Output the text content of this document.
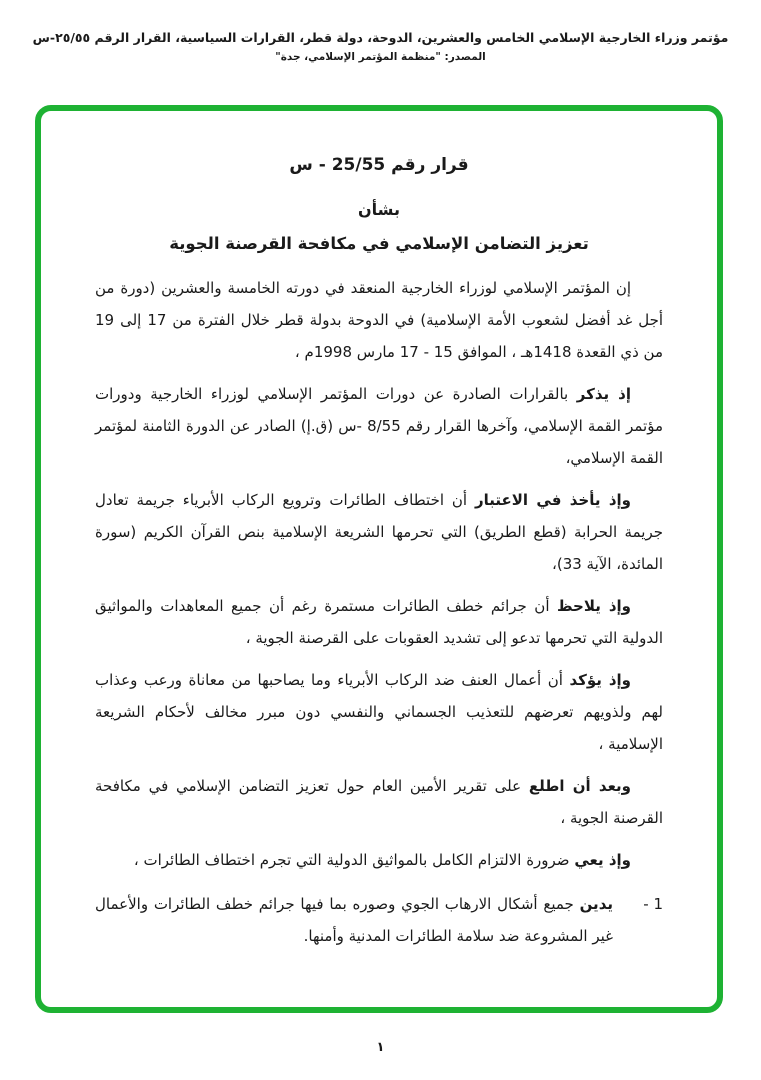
مؤتمر وزراء الخارجية الإسلامي الخامس والعشرين، الدوحة، دولة قطر، القرارات السياسية، القرار الرقم ٢٥/٥٥-س
المصدر: "منظمة المؤتمر الإسلامي، جدة"
قرار رقم 25/55 - س
بشأن
تعزيز التضامن الإسلامي في مكافحة القرصنة الجوية

إن المؤتمر الإسلامي لوزراء الخارجية المنعقد في دورته الخامسة والعشرين (دورة من أجل غد أفضل لشعوب الأمة الإسلامية) في الدوحة بدولة قطر خلال الفترة من 17 إلى 19 من ذي القعدة 1418هـ ، الموافق 15 - 17 مارس 1998م ،

إذ يذكر بالقرارات الصادرة عن دورات المؤتمر الإسلامي لوزراء الخارجية ودورات مؤتمر القمة الإسلامي، وآخرها القرار رقم 8/55 -س (ق.إ) الصادر عن الدورة الثامنة لمؤتمر القمة الإسلامي،

وإذ يأخذ في الاعتبار أن اختطاف الطائرات وترويع الركاب الأبرياء جريمة تعادل جريمة الحرابة (قطع الطريق) التي تحرمها الشريعة الإسلامية بنص القرآن الكريم (سورة المائدة، الآية 33)،

وإذ يلاحظ أن جرائم خطف الطائرات مستمرة رغم أن جميع المعاهدات والمواثيق الدولية التي تحرمها تدعو إلى تشديد العقوبات على القرصنة الجوية ،

وإذ يؤكد أن أعمال العنف ضد الركاب الأبرياء وما يصاحبها من معاناة ورعب وعذاب لهم ولذويهم تعرضهم للتعذيب الجسماني والنفسي دون مبرر مخالف لأحكام الشريعة الإسلامية ،

وبعد أن اطلع على تقرير الأمين العام حول تعزيز التضامن الإسلامي في مكافحة القرصنة الجوية ،

وإذ يعي ضرورة الالتزام الكامل بالمواثيق الدولية التي تجرم اختطاف الطائرات ،

1 -
يدين جميع أشكال الارهاب الجوي وصوره بما فيها جرائم خطف الطائرات والأعمال غير المشروعة ضد سلامة الطائرات المدنية وأمنها.
١
